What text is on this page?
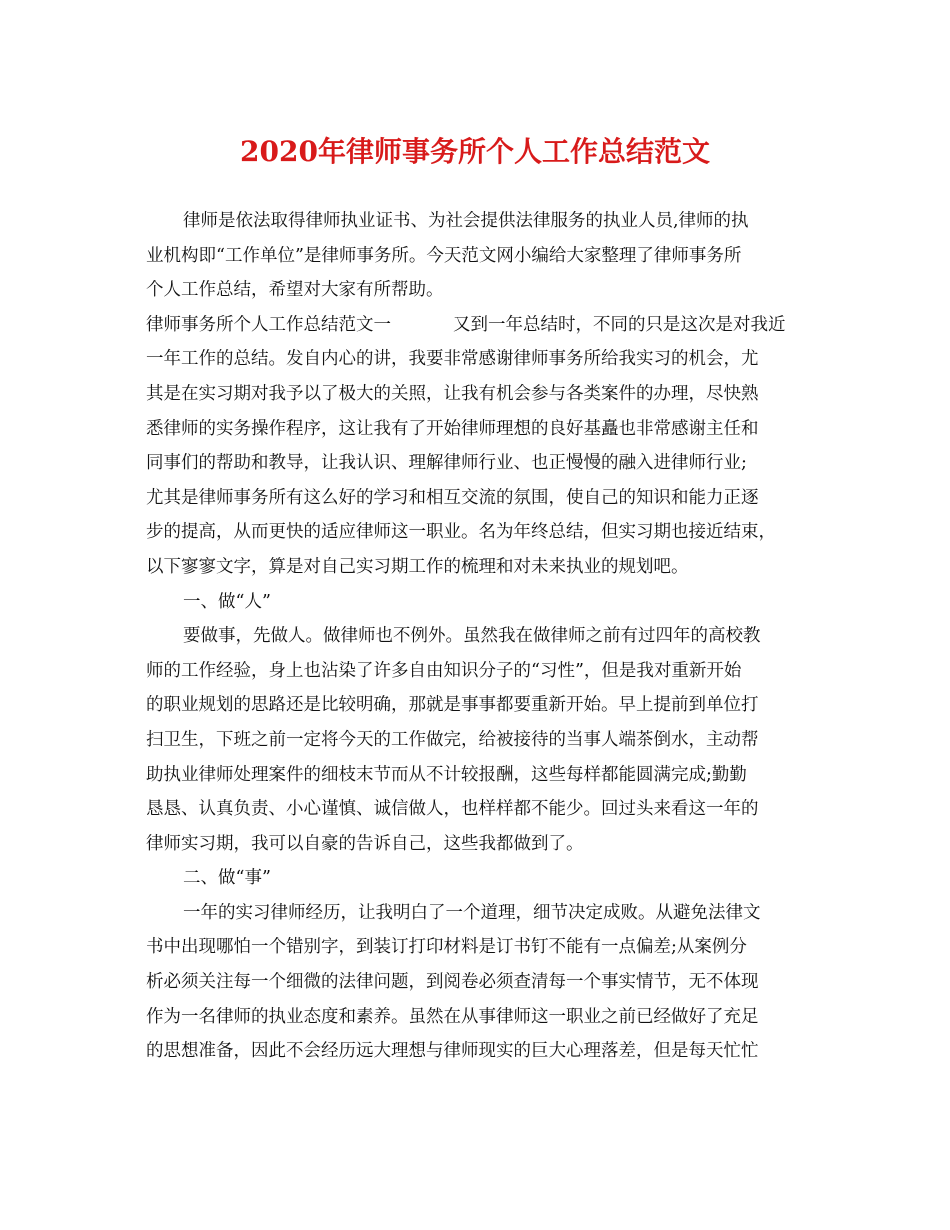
2020年律师事务所个人工作总结范文
律师是依法取得律师执业证书、为社会提供法律服务的执业人员,律师的执
业机构即“工作单位”是律师事务所。今天范文网小编给大家整理了律师事务所
个人工作总结，希望对大家有所帮助。
律师事务所个人工作总结范文一	又到一年总结时，不同的只是这次是对我近
一年工作的总结。发自内心的讲，我要非常感谢律师事务所给我实习的机会，尤
其是在实习期对我予以了极大的关照，让我有机会参与各类案件的办理，尽快熟
悉律师的实务操作程序，这让我有了开始律师理想的良好基矗也非常感谢主任和
同事们的帮助和教导，让我认识、理解律师行业、也正慢慢的融入进律师行业;
尤其是律师事务所有这么好的学习和相互交流的氛围，使自己的知识和能力正逐
步的提高，从而更快的适应律师这一职业。名为年终总结，但实习期也接近结束，
以下寥寥文字，算是对自己实习期工作的梳理和对未来执业的规划吧。
一、做“人”
要做事，先做人。做律师也不例外。虽然我在做律师之前有过四年的高校教
师的工作经验，身上也沾染了许多自由知识分子的“习性”，但是我对重新开始
的职业规划的思路还是比较明确，那就是事事都要重新开始。早上提前到单位打
扫卫生，下班之前一定将今天的工作做完，给被接待的当事人端茶倒水，主动帮
助执业律师处理案件的细枝末节而从不计较报酬，这些每样都能圆满完成;勤勤
恳恳、认真负责、小心谨慎、诚信做人，也样样都不能少。回过头来看这一年的
律师实习期，我可以自豪的告诉自己，这些我都做到了。
二、做“事”
一年的实习律师经历，让我明白了一个道理，细节决定成败。从避免法律文
书中出现哪怕一个错别字，到装订打印材料是订书钉不能有一点偏差;从案例分
析必须关注每一个细微的法律问题，到阅卷必须查清每一个事实情节，无不体现
作为一名律师的执业态度和素养。虽然在从事律师这一职业之前已经做好了充足
的思想准备，因此不会经历远大理想与律师现实的巨大心理落差，但是每天忙忙
